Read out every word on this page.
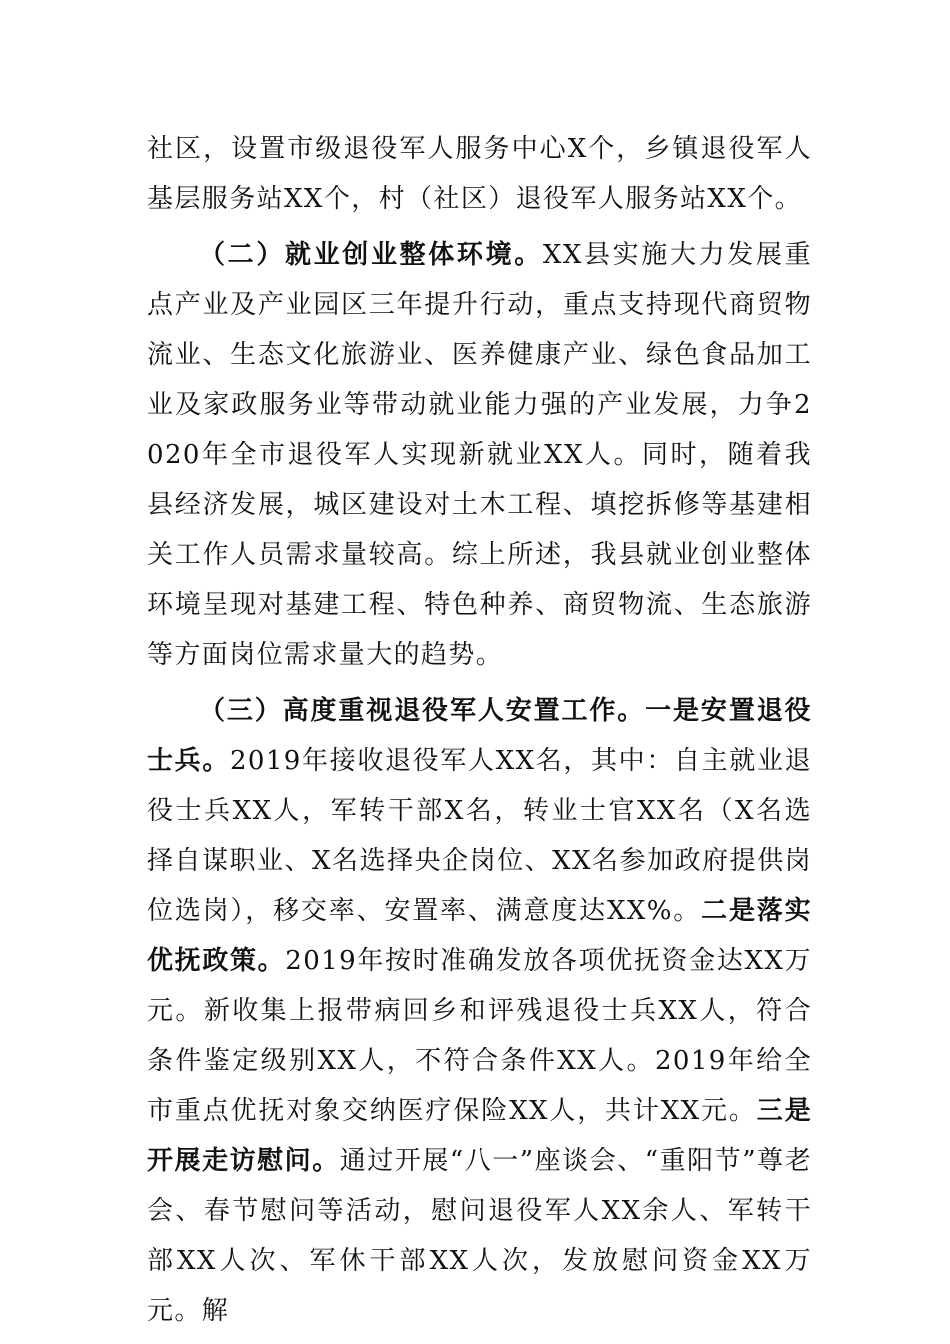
社区，设置市级退役军人服务中心X个，乡镇退役军人基层服务站XX个，村（社区）退役军人服务站XX个。

（二）就业创业整体环境。XX县实施大力发展重点产业及产业园区三年提升行动，重点支持现代商贸物流业、生态文化旅游业、医养健康产业、绿色食品加工业及家政服务业等带动就业能力强的产业发展，力争2020年全市退役军人实现新就业XX人。同时，随着我县经济发展，城区建设对土木工程、填挖拆修等基建相关工作人员需求量较高。综上所述，我县就业创业整体环境呈现对基建工程、特色种养、商贸物流、生态旅游等方面岗位需求量大的趋势。

（三）高度重视退役军人安置工作。一是安置退役士兵。2019年接收退役军人XX名，其中：自主就业退役士兵XX人，军转干部X名，转业士官XX名（X名选择自谋职业、X名选择央企岗位、XX名参加政府提供岗位选岗），移交率、安置率、满意度达XX%。二是落实优抚政策。2019年按时准确发放各项优抚资金达XX万元。新收集上报带病回乡和评残退役士兵XX人，符合条件鉴定级别XX人，不符合条件XX人。2019年给全市重点优抚对象交纳医疗保险XX人，共计XX元。三是开展走访慰问。通过开展“八一”座谈会、“重阳节”尊老会、春节慰问等活动，慰问退役军人XX余人、军转干部XX人次、军休干部XX人次，发放慰问资金XX万元。解
